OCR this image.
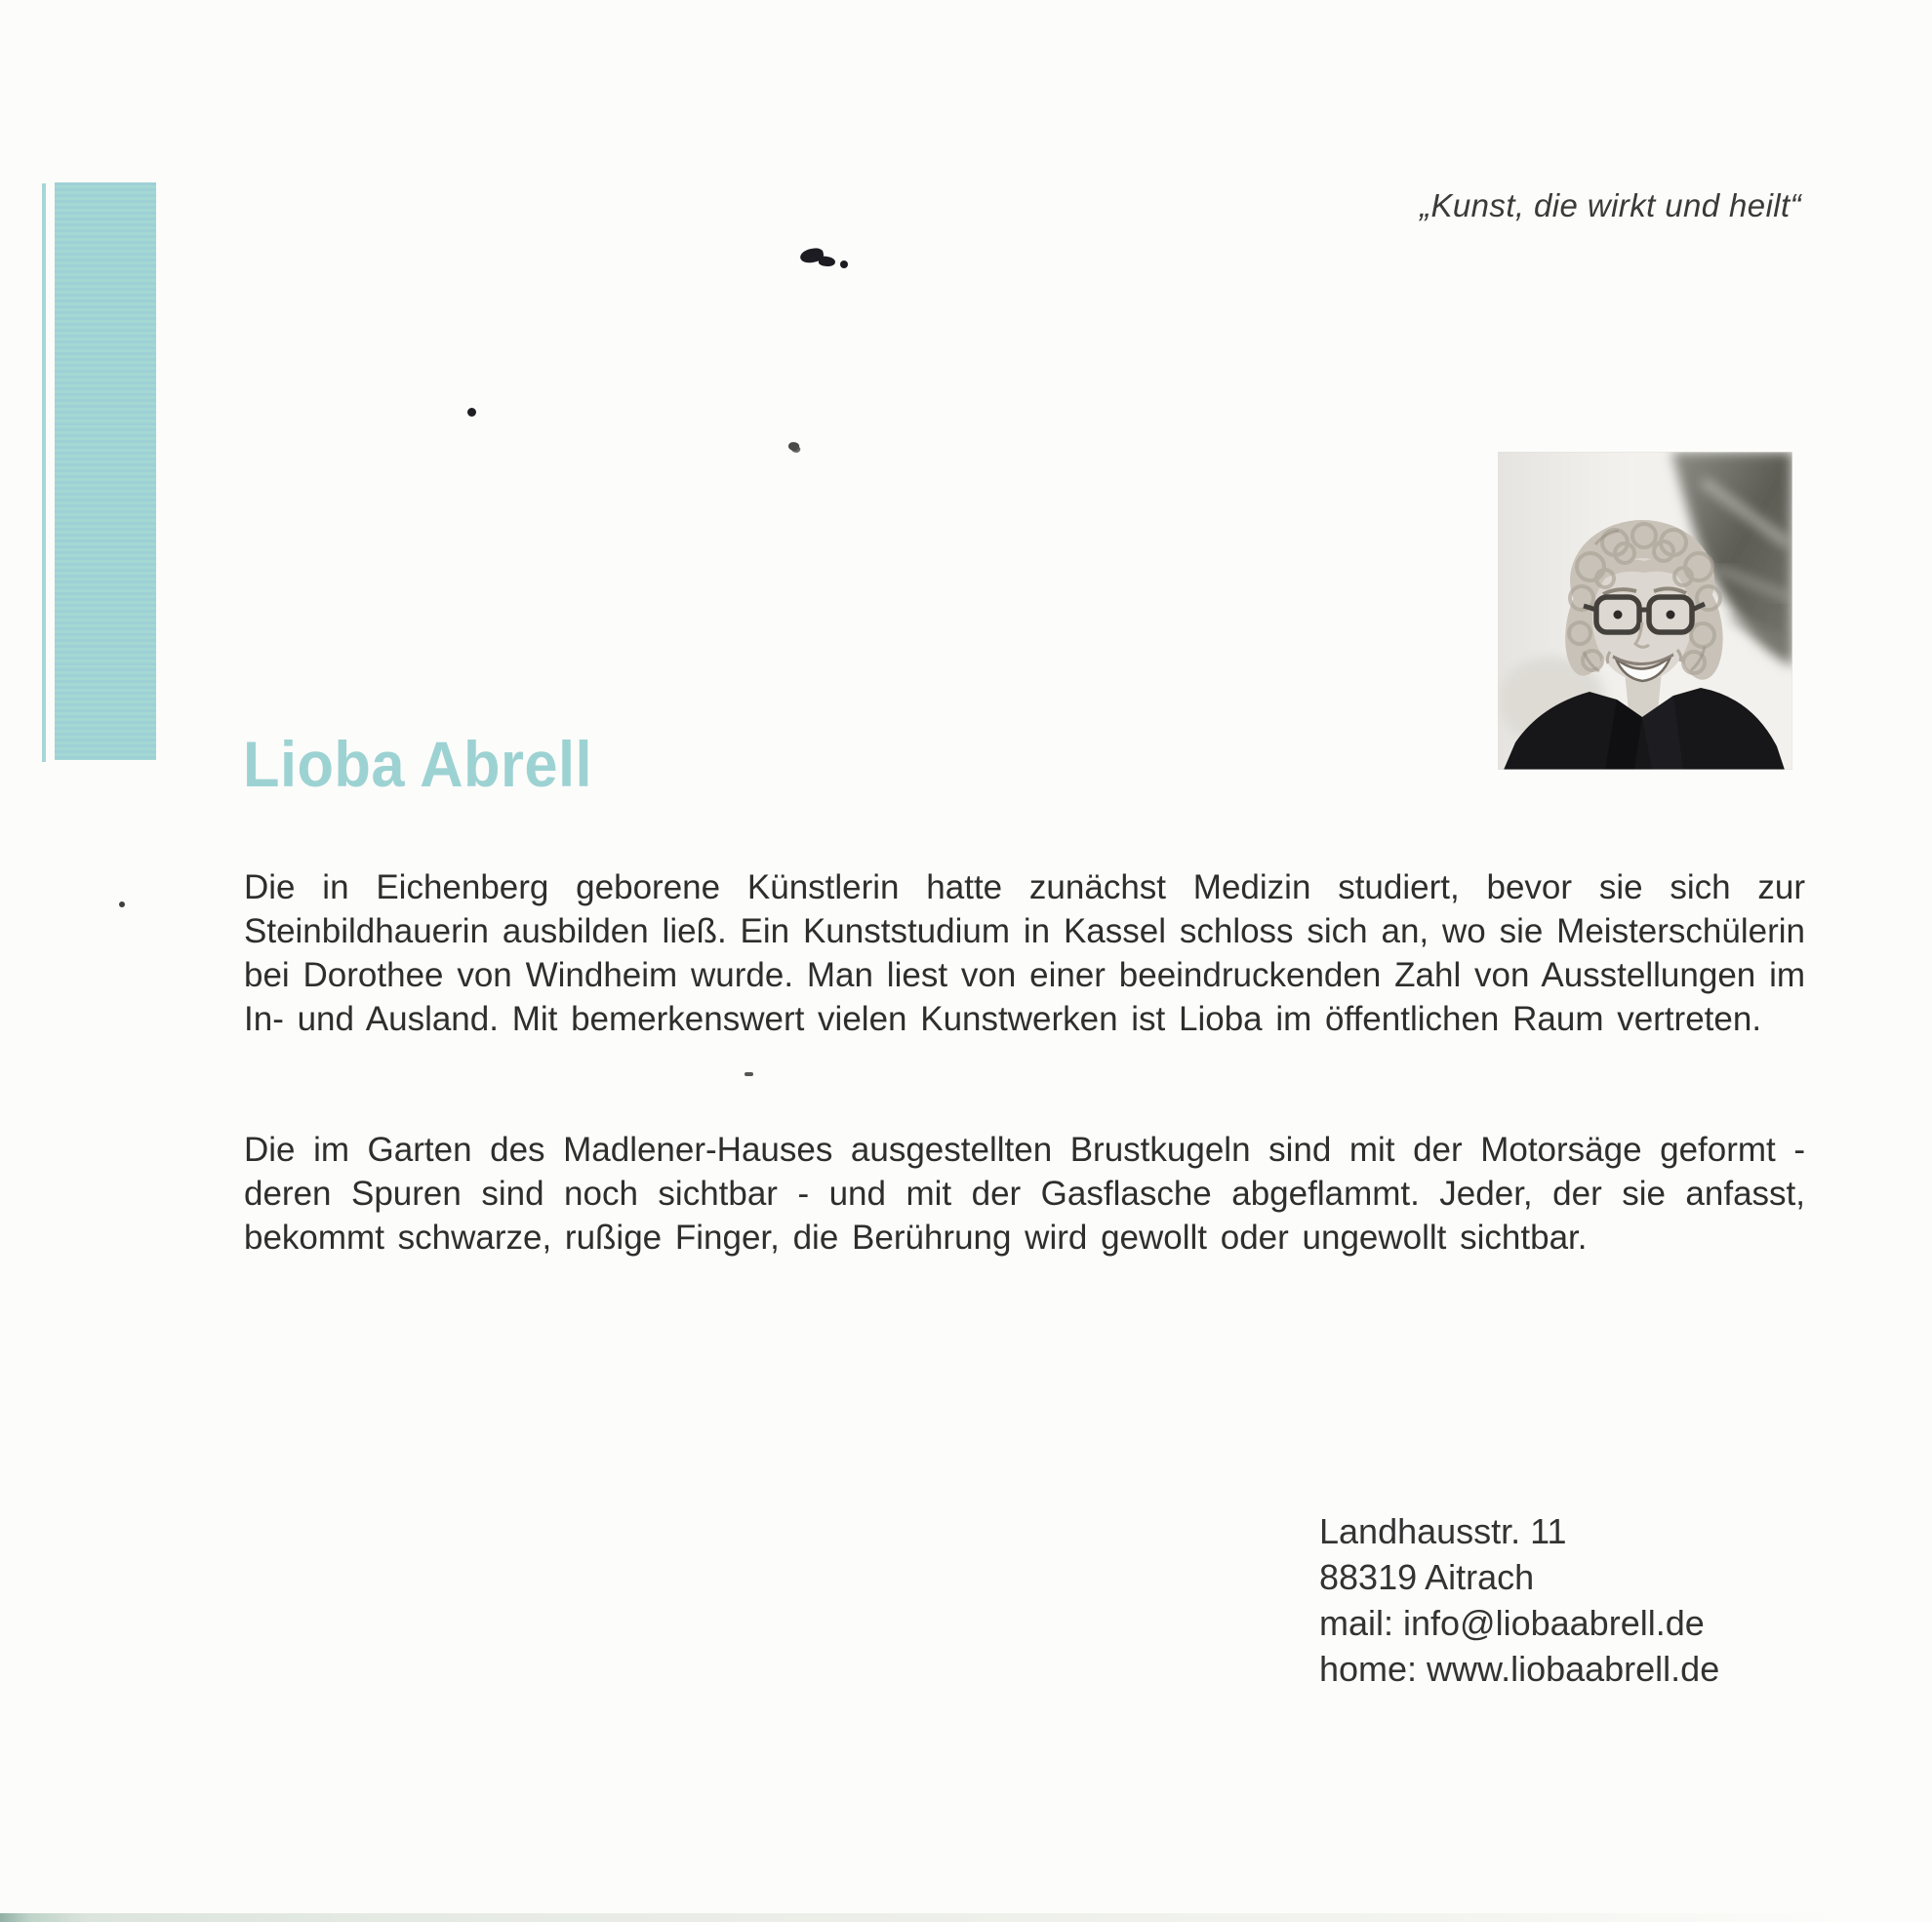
„Kunst, die wirkt und heilt“
Lioba Abrell

Die in Eichenberg geborene Künstlerin hatte zunächst Medizin studiert, bevor sie sich zur Steinbildhauerin ausbilden ließ. Ein Kunststudium in Kassel schloss sich an, wo sie Meisterschülerin bei Dorothee von Windheim wurde. Man liest von einer beeindruckenden Zahl von Ausstellungen im In- und Ausland. Mit bemerkenswert vielen Kunstwerken ist Lioba im öffentlichen Raum vertreten.

Die im Garten des Madlener-Hauses ausgestellten Brustkugeln sind mit der Motorsäge geformt - deren Spuren sind noch sichtbar - und mit der Gasflasche abgeflammt. Jeder, der sie anfasst, bekommt schwarze, rußige Finger, die Berührung wird gewollt oder ungewollt sichtbar.

Landhausstr. 11
88319 Aitrach
mail: info@liobaabrell.de
home: www.liobaabrell.de
